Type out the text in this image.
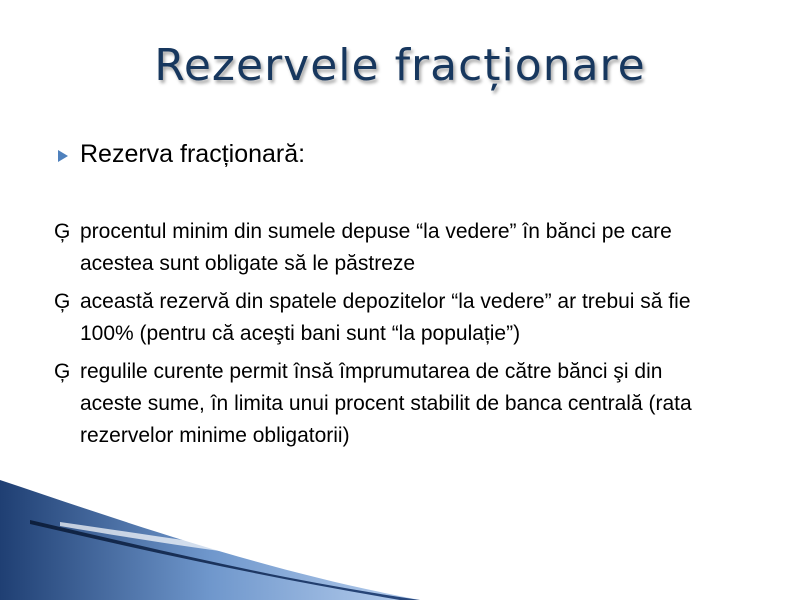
Rezervele fracționare
Rezerva fracționară:
Ģ procentul minim din sumele depuse “la vedere” în bănci pe care
acestea sunt obligate să le păstreze
Ģ această rezervă din spatele depozitelor “la vedere” ar trebui să fie
100% (pentru că aceşti bani sunt “la populație”)
Ģ regulile curente permit însă împrumutarea de către bănci şi din
aceste sume, în limita unui procent stabilit de banca centrală (rata
rezervelor minime obligatorii)
